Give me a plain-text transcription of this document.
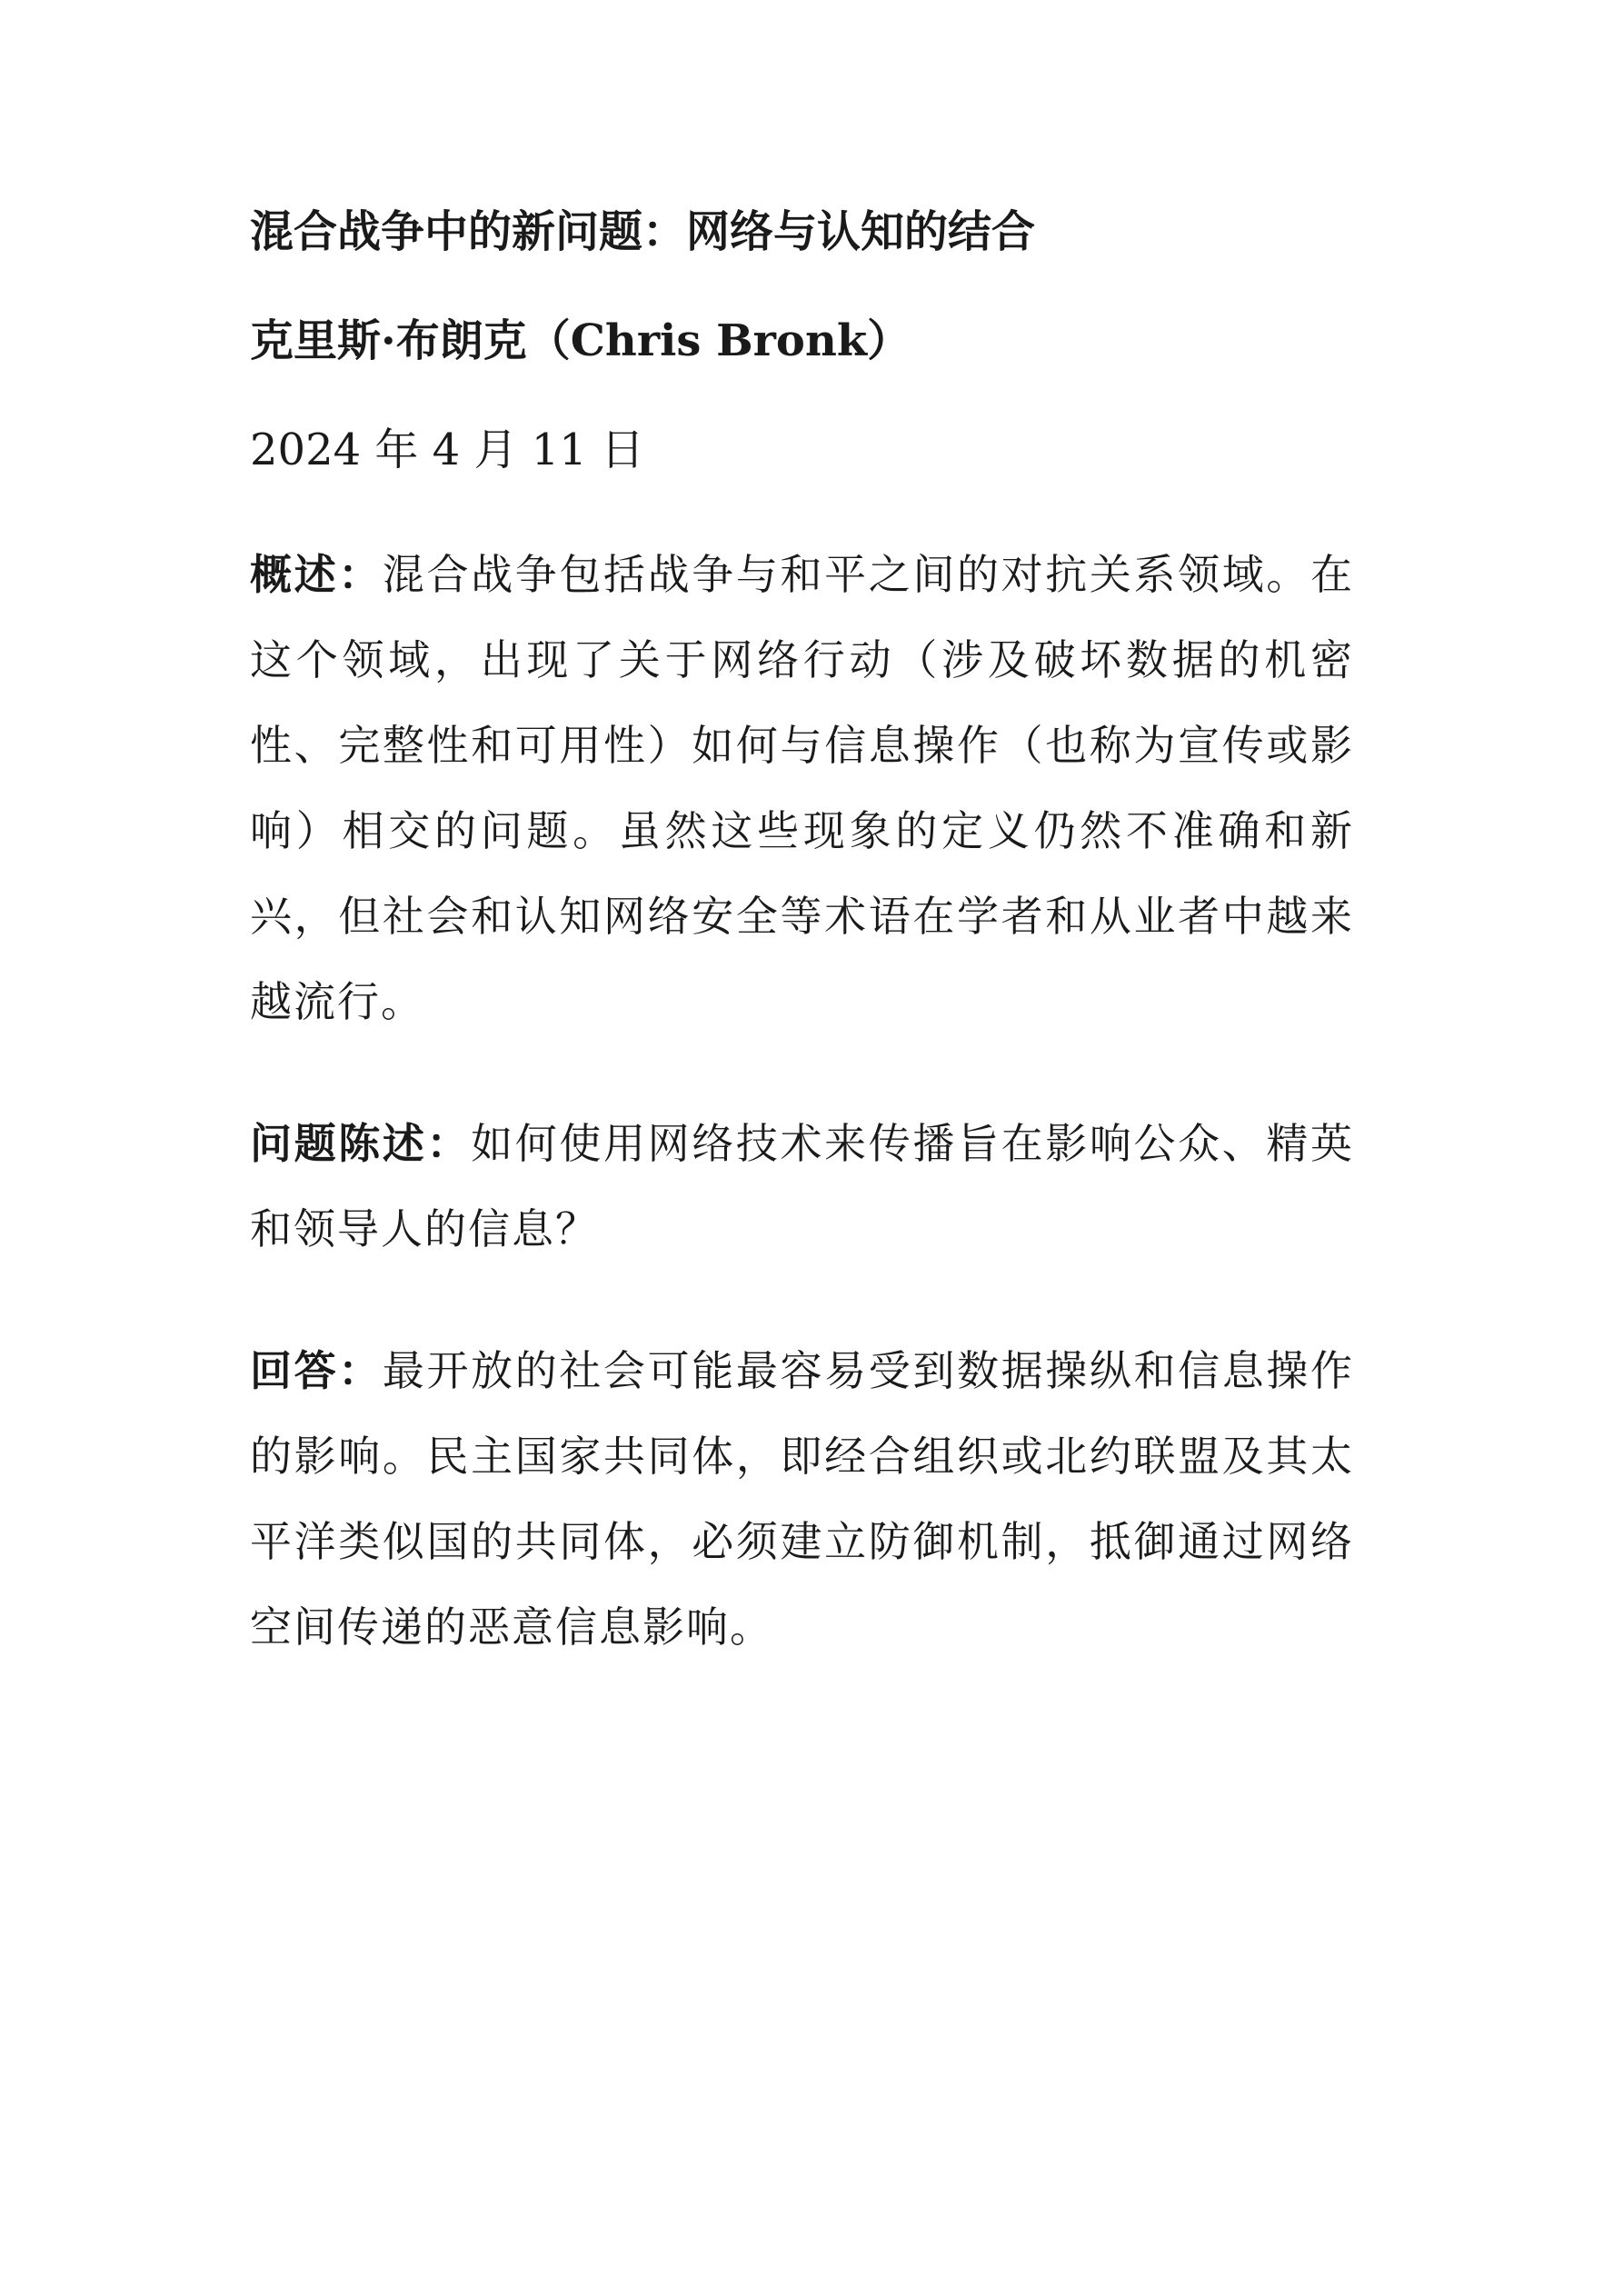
混合战争中的新问题：网络与认知的结合
克里斯·布朗克（Chris Bronk）
2024 年 4 月 11 日

概述：混合战争包括战争与和平之间的对抗关系领域。在这个领域，出现了关于网络行动（涉及破坏数据的机密性、完整性和可用性）如何与信息操作（也称为宣传或影响）相交的问题。虽然这些现象的定义仍然不准确和新兴，但社会和认知网络安全等术语在学者和从业者中越来越流行。

问题陈述：如何使用网络技术来传播旨在影响公众、精英和领导人的信息？

回答：最开放的社会可能最容易受到数据操纵和信息操作的影响。民主国家共同体，即经合组织或北约联盟及其太平洋类似国的共同体，必须建立防御机制，抵御通过网络空间传递的恶意信息影响。
